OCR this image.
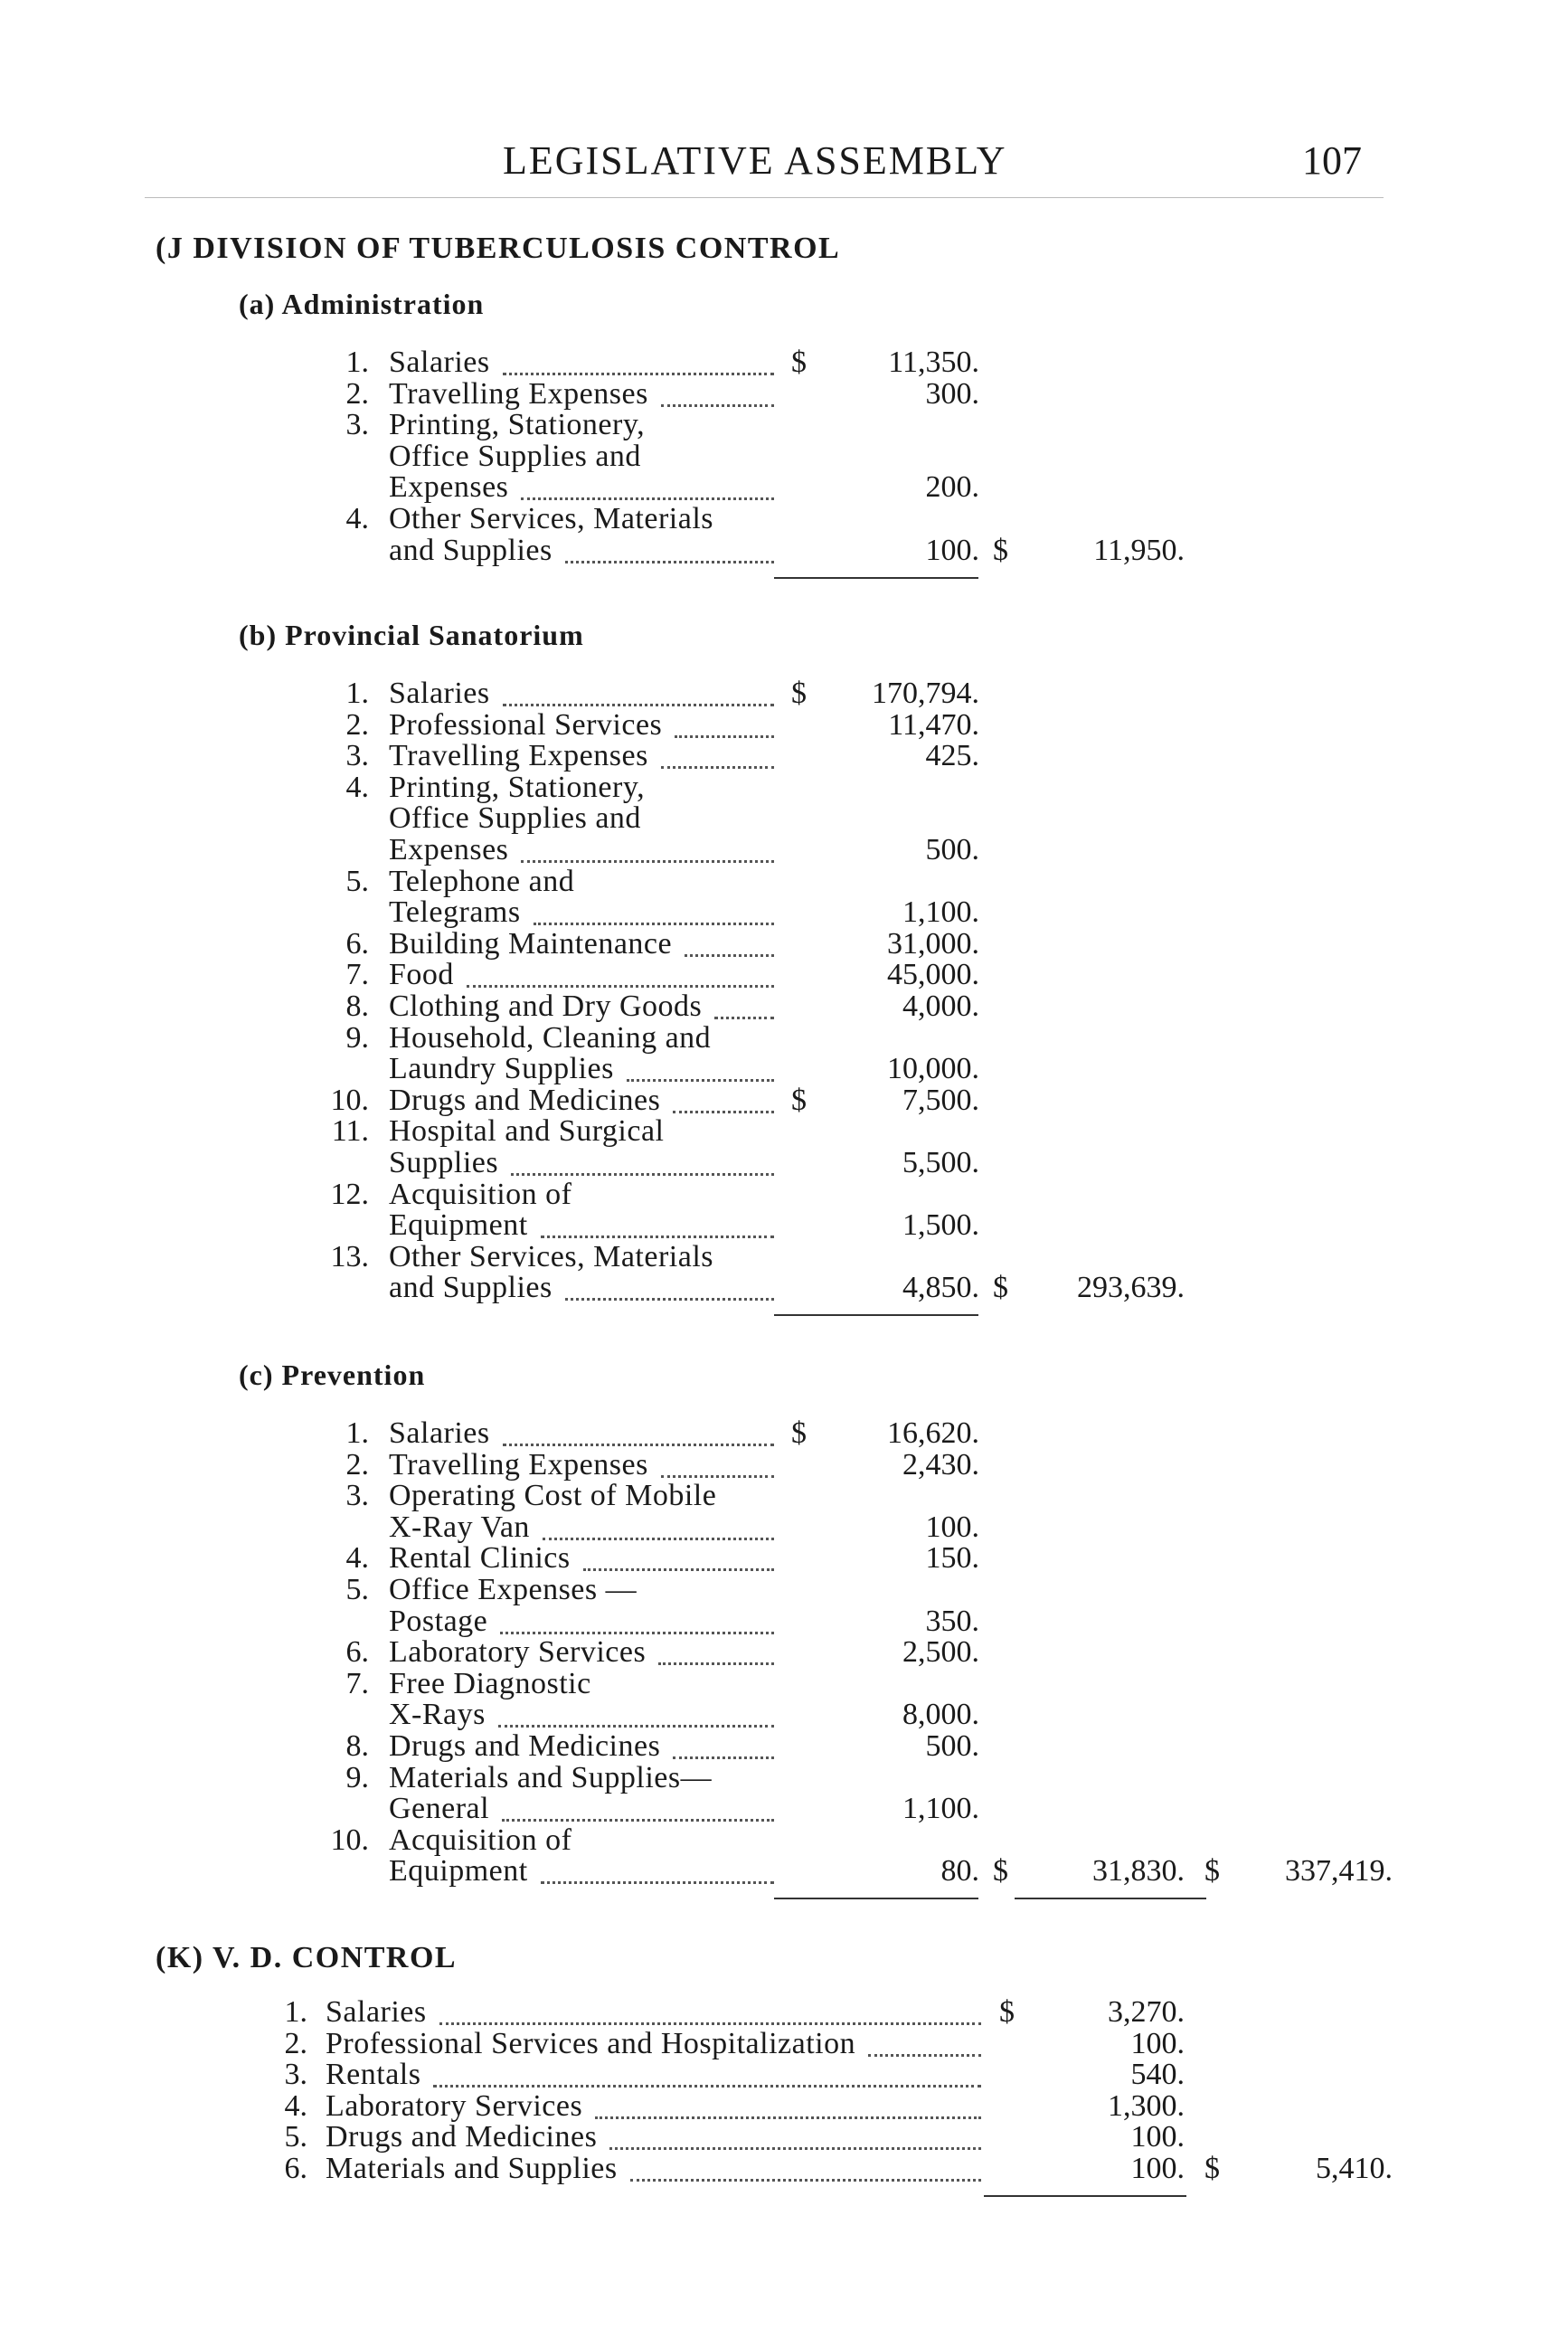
LEGISLATIVE ASSEMBLY	107
(J DIVISION OF TUBERCULOSIS CONTROL
(a) Administration
1. Salaries	$	11,350.
2. Travelling Expenses	300.
3. Printing, Stationery,
Office Supplies and
Expenses	200.
4. Other Services, Materials
and Supplies	100. $	11,950.
(b) Provincial Sanatorium
1. Salaries	$	170,794.
2. Professional Services	11,470.
3. Travelling Expenses	425.
4. Printing, Stationery,
Office Supplies and
Expenses	500.
5. Telephone and
Telegrams	1,100.
6. Building Maintenance	31,000.
7. Food	45,000.
8. Clothing and Dry Goods	4,000.
9. Household, Cleaning and
Laundry Supplies	10,000.
10. Drugs and Medicines	$	7,500.
11. Hospital and Surgical
Supplies	5,500.
12. Acquisition of
Equipment	1,500.
13. Other Services, Materials
and Supplies	4,850. $	293,639.
(c) Prevention
1. Salaries	$	16,620.
2. Travelling Expenses	2,430.
3. Operating Cost of Mobile
X-Ray Van	100.
4. Rental Clinics	150.
5. Office Expenses —
Postage	350.
6. Laboratory Services	2,500.
7. Free Diagnostic
X-Rays	8,000.
8. Drugs and Medicines	500.
9. Materials and Supplies—
General	1,100.
10. Acquisition of
Equipment	80. $	31,830. $	337,419.
(K) V. D. CONTROL
1. Salaries	$	3,270.
2. Professional Services and Hospitalization	100.
3. Rentals	540.
4. Laboratory Services	1,300.
5. Drugs and Medicines	100.
6. Materials and Supplies	100. $	5,410.
